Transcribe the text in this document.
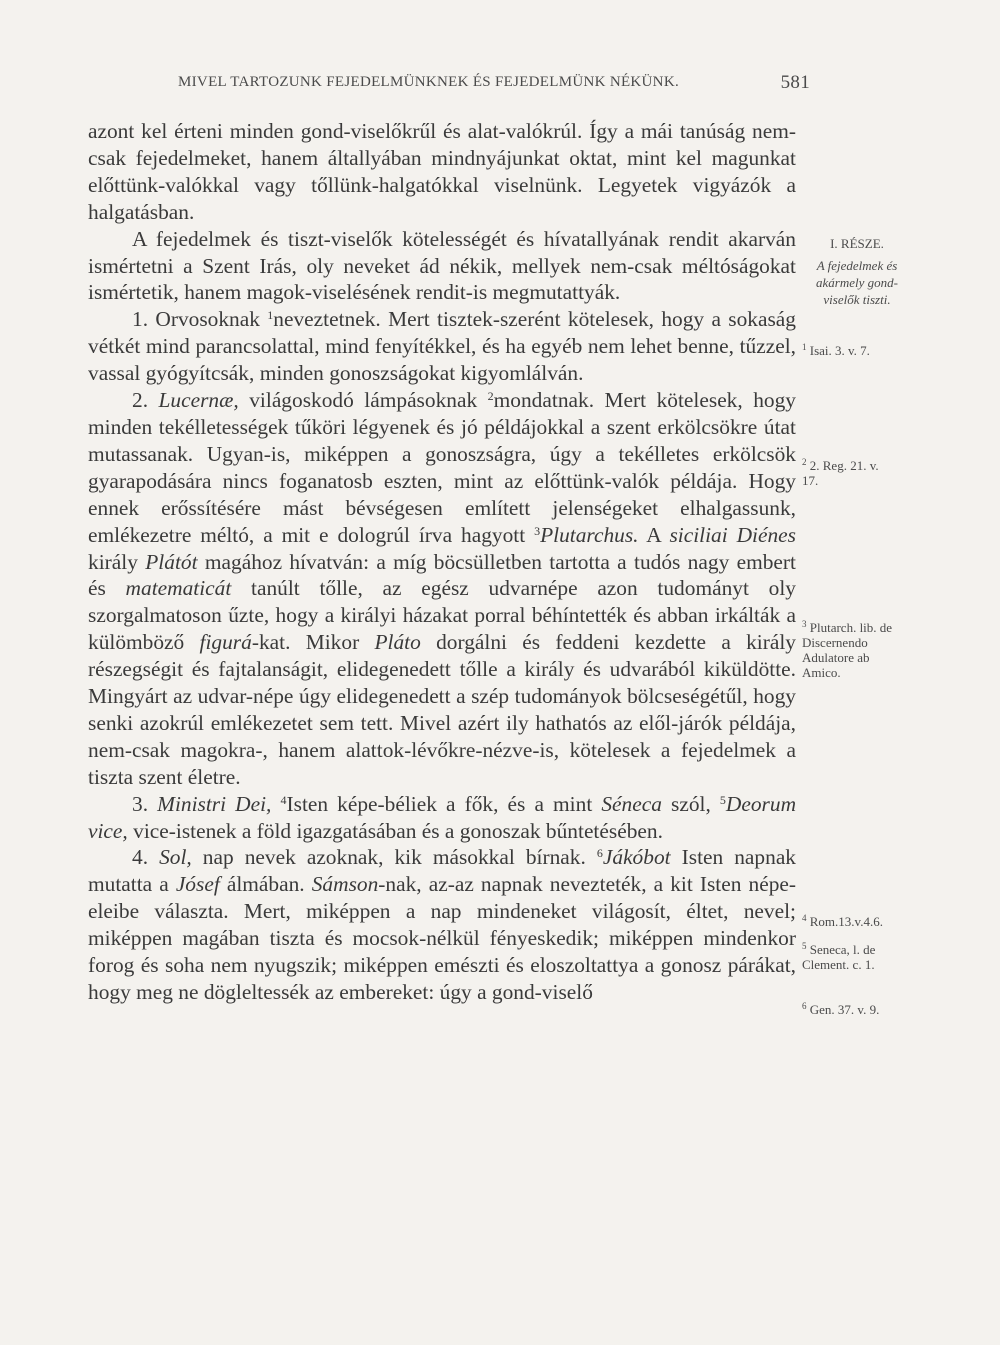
MIVEL TARTOZUNK FEJEDELMÜNKNEK ÉS FEJEDELMÜNK NÉKÜNK.	581

azont kel érteni minden gond-viselőkrűl és alat-valókrúl. Így a mái tanúság nem-csak fejedelmeket, hanem általlyában mindnyájunkat oktat, mint kel magunkat előttünk-valókkal vagy tőllünk-halgatókkal viselnünk. Legyetek vigyázók a halgatásban.

A fejedelmek és tiszt-viselők kötelességét és hívatallyának rendit akarván ismértetni a Szent Irás, oly neveket ád nékik, mellyek nem-csak méltóságokat ismértetik, hanem magok-viselésének rendit-is megmutattyák.

1. Orvosoknak $^1$neveztetnek. Mert tisztek-szerént kötelesek, hogy a sokaság vétkét mind parancsolattal, mind fenyítékkel, és ha egyéb nem lehet benne, tűzzel, vassal gyógyítcsák, minden gonoszságokat kigyomlálván.

2. Lucernæ, világoskodó lámpásoknak $^2$mondatnak. Mert kötelesek, hogy minden tekélletességek tűköri légyenek és jó példájokkal a szent erkölcsökre útat mutassanak. Ugyan-is, miképpen a gonoszságra, úgy a tekélletes erkölcsök gyarapodására nincs foganatosb eszten, mint az előttünk-valók példája. Hogy ennek erőssítésére mást bévségesen említett jelenségeket elhalgassunk, emlékezetre méltó, a mit e dologrúl írva hagyott $^3$Plutarchus. A siciliai Diénes király Plátót magához hívatván: a míg böcsülletben tartotta a tudós nagy embert és matematicát tanúlt tőlle, az egész udvarnépe azon tudományt oly szorgalmatoson űzte, hogy a királyi házakat porral béhíntették és abban irkálták a külömböző figurá-kat. Mikor Pláto dorgálni és feddeni kezdette a király részegségit és fajtalanságit, elidegenedett tőlle a király és udvarából kiküldötte. Mingyárt az udvar-népe úgy elidegenedett a szép tudományok bölcseségétűl, hogy senki azokrúl emlékezetet sem tett. Mivel azért ily hathatós az elől-járók példája, nem-csak magokra-, hanem alattok-lévőkre-nézve-is, kötelesek a fejedelmek a tiszta szent életre.

3. Ministri Dei, $^4$Isten képe-béliek a fők, és a mint Séneca szól, $^5$Deorum vice, vice-istenek a föld igazgatásában és a gonoszak bűntetésében.

4. Sol, nap nevek azoknak, kik másokkal bírnak. $^6$Jákóbot Isten napnak mutatta a Jósef álmában. Sámson-nak, az-az napnak nevezteték, a kit Isten népe-eleibe választa. Mert, miképpen a nap mindeneket világosít, éltet, nevel; miképpen magában tiszta és mocsok-nélkül fényeskedik; miképpen mindenkor forog és soha nem nyugszik; miképpen emészti és eloszoltattya a gonosz párákat, hogy meg ne dögleltessék az embereket: úgy a gond-viselő

I. RÉSZE.
A fejedelmek és akármely gond-viselők tiszti.
$^1$ Isai. 3. v. 7.
$^2$ 2. Reg. 21. v. 17.
$^3$ Plutarch. lib. de Discernendo Adulatore ab Amico.
$^4$ Rom.13.v.4.6.
$^5$ Seneca, l. de Clement. c. 1.
$^6$ Gen. 37. v. 9.
